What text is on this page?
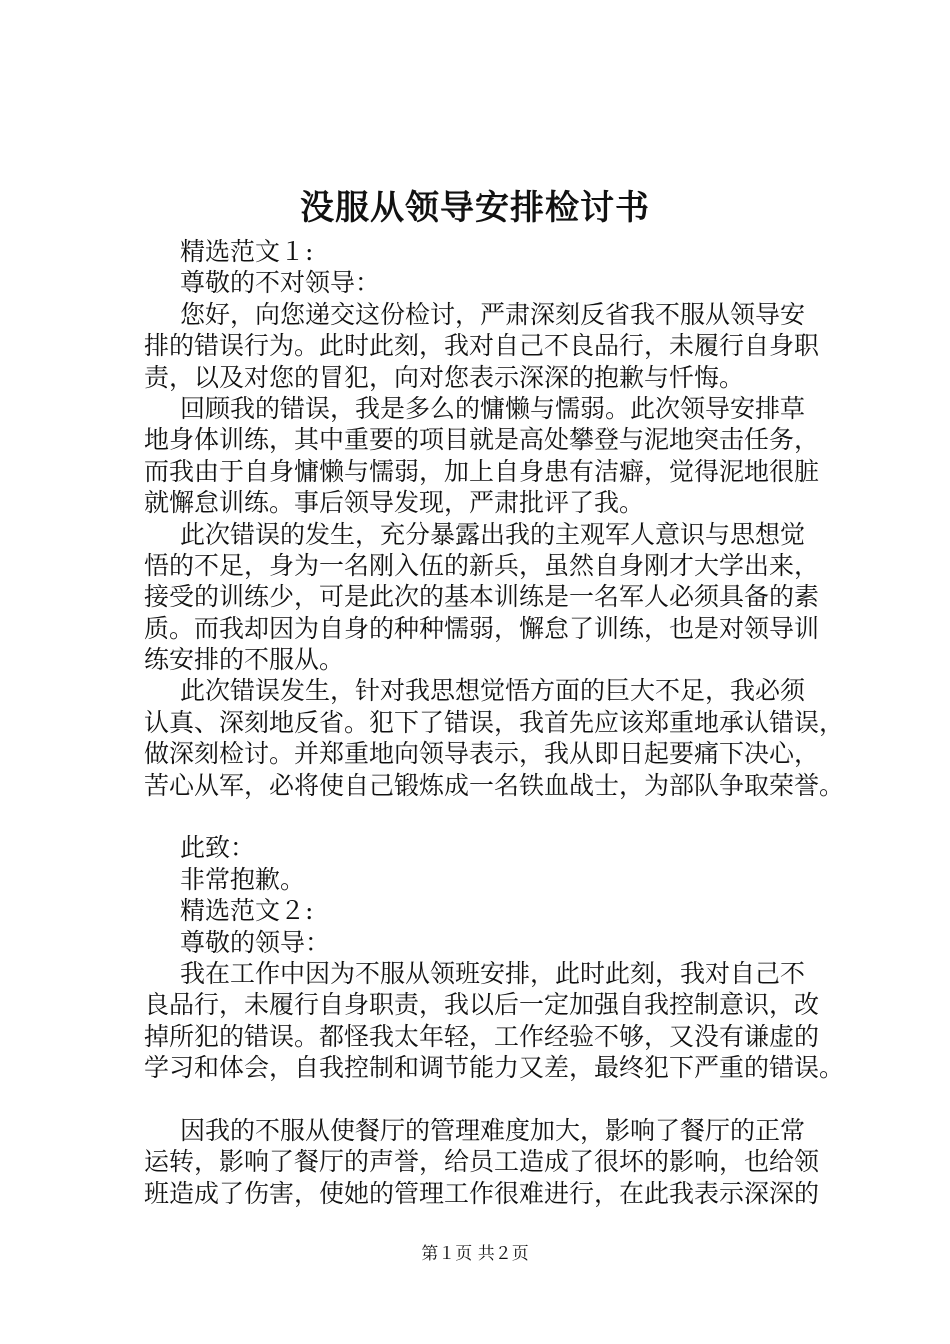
没服从领导安排检讨书

精选范文１:

尊敬的不对领导：

您好，向您递交这份检讨，严肃深刻反省我不服从领导安

排的错误行为。此时此刻，我对自己不良品行，未履行自身职

责，以及对您的冒犯，向对您表示深深的抱歉与忏悔。

回顾我的错误，我是多么的慵懒与懦弱。此次领导安排草

地身体训练，其中重要的项目就是高处攀登与泥地突击任务，

而我由于自身慵懒与懦弱，加上自身患有洁癖，觉得泥地很脏

就懈怠训练。事后领导发现，严肃批评了我。

此次错误的发生，充分暴露出我的主观军人意识与思想觉

悟的不足，身为一名刚入伍的新兵，虽然自身刚才大学出来，

接受的训练少，可是此次的基本训练是一名军人必须具备的素

质。而我却因为自身的种种懦弱，懈怠了训练，也是对领导训

练安排的不服从。

此次错误发生，针对我思想觉悟方面的巨大不足，我必须

认真、深刻地反省。犯下了错误，我首先应该郑重地承认错误，

做深刻检讨。并郑重地向领导表示，我从即日起要痛下决心，

苦心从军，必将使自己锻炼成一名铁血战士，为部队争取荣誉。

此致：

非常抱歉。

精选范文２:

尊敬的领导：

我在工作中因为不服从领班安排，此时此刻，我对自己不

良品行，未履行自身职责，我以后一定加强自我控制意识，改

掉所犯的错误。都怪我太年轻，工作经验不够，又没有谦虚的

学习和体会，自我控制和调节能力又差，最终犯下严重的错误。

因我的不服从使餐厅的管理难度加大，影响了餐厅的正常

运转，影响了餐厅的声誉，给员工造成了很坏的影响，也给领

班造成了伤害，使她的管理工作很难进行，在此我表示深深的

第１页 共２页
